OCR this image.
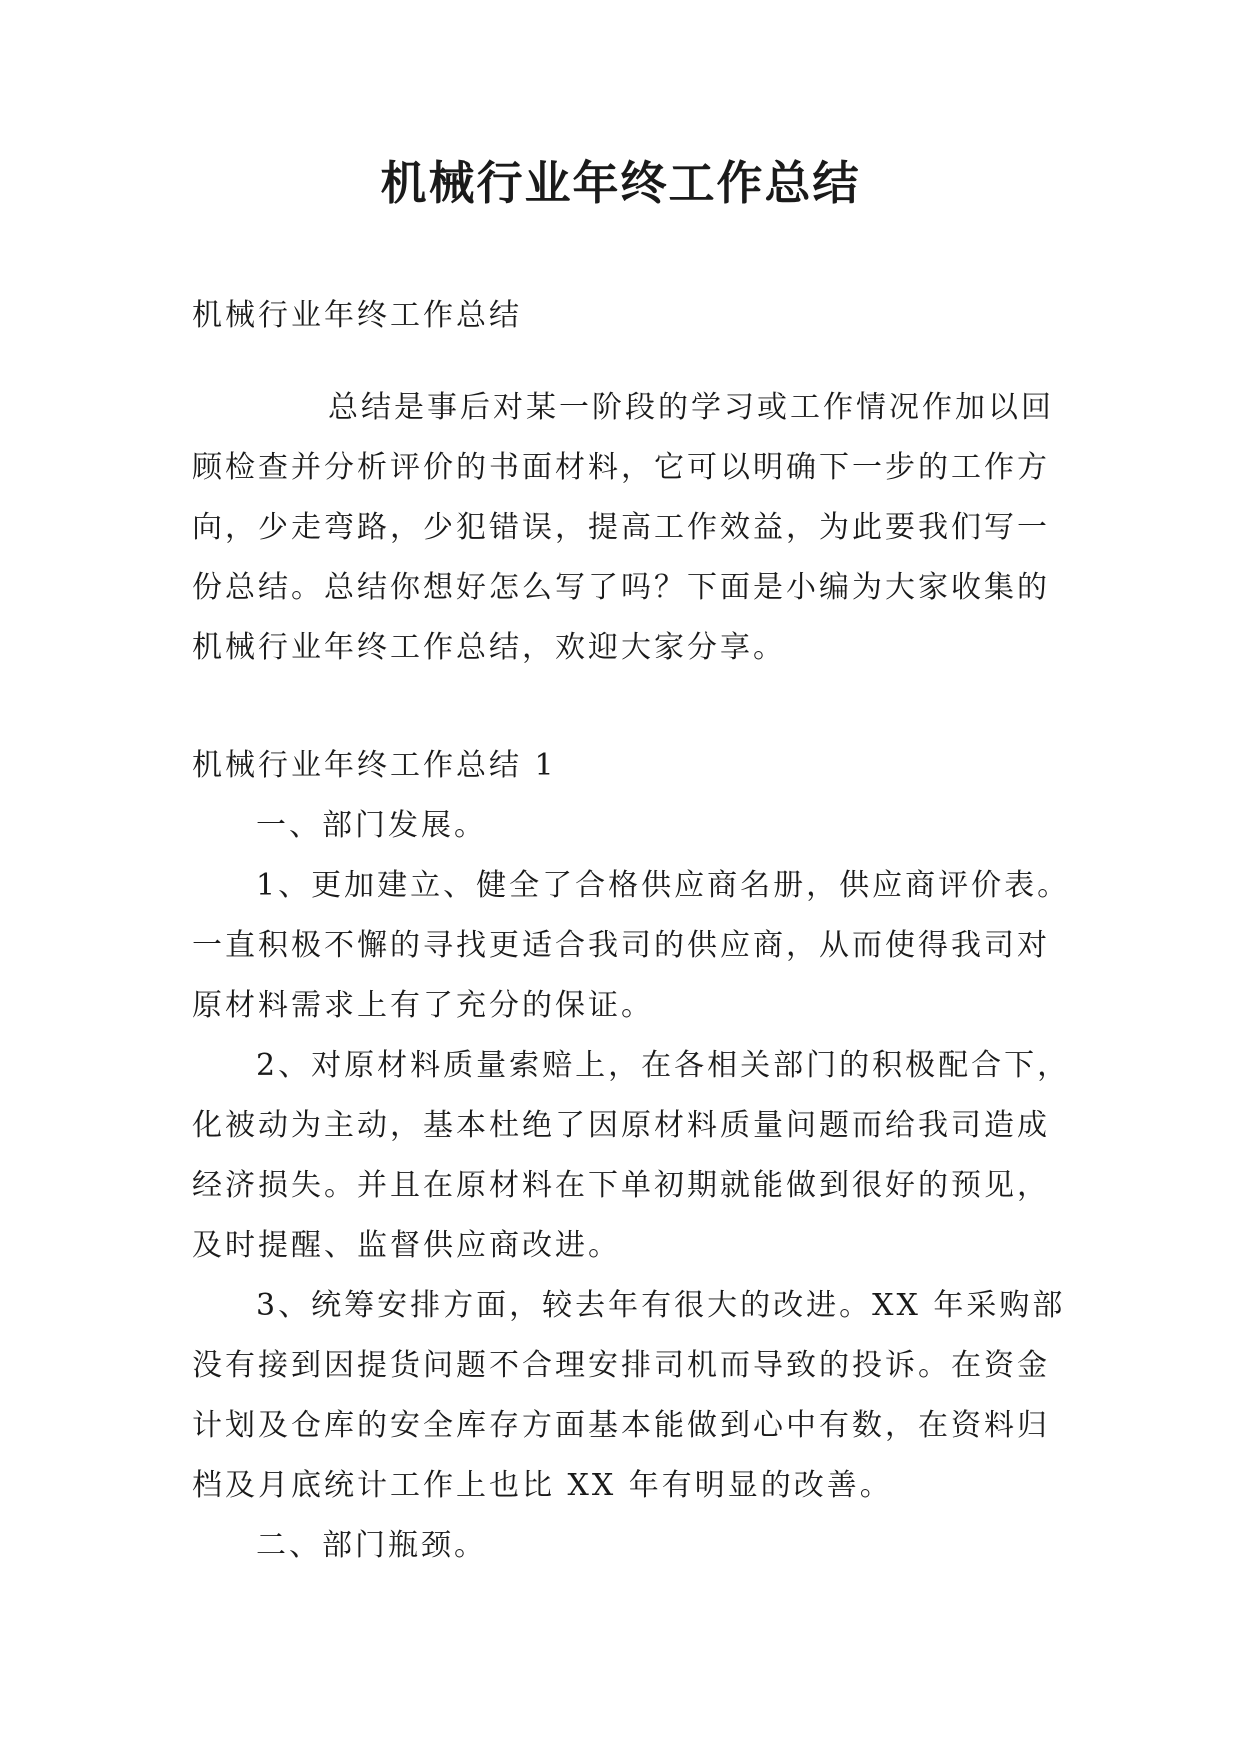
机械行业年终工作总结

机械行业年终工作总结

总结是事后对某一阶段的学习或工作情况作加以回顾检查并分析评价的书面材料，它可以明确下一步的工作方向，少走弯路，少犯错误，提高工作效益，为此要我们写一份总结。总结你想好怎么写了吗？下面是小编为大家收集的机械行业年终工作总结，欢迎大家分享。

机械行业年终工作总结 1

一、部门发展。

1、更加建立、健全了合格供应商名册，供应商评价表。一直积极不懈的寻找更适合我司的供应商，从而使得我司对原材料需求上有了充分的保证。

2、对原材料质量索赔上，在各相关部门的积极配合下，化被动为主动，基本杜绝了因原材料质量问题而给我司造成经济损失。并且在原材料在下单初期就能做到很好的预见，及时提醒、监督供应商改进。

3、统筹安排方面，较去年有很大的改进。XX 年采购部没有接到因提货问题不合理安排司机而导致的投诉。在资金计划及仓库的安全库存方面基本能做到心中有数，在资料归档及月底统计工作上也比 XX 年有明显的改善。

二、部门瓶颈。
